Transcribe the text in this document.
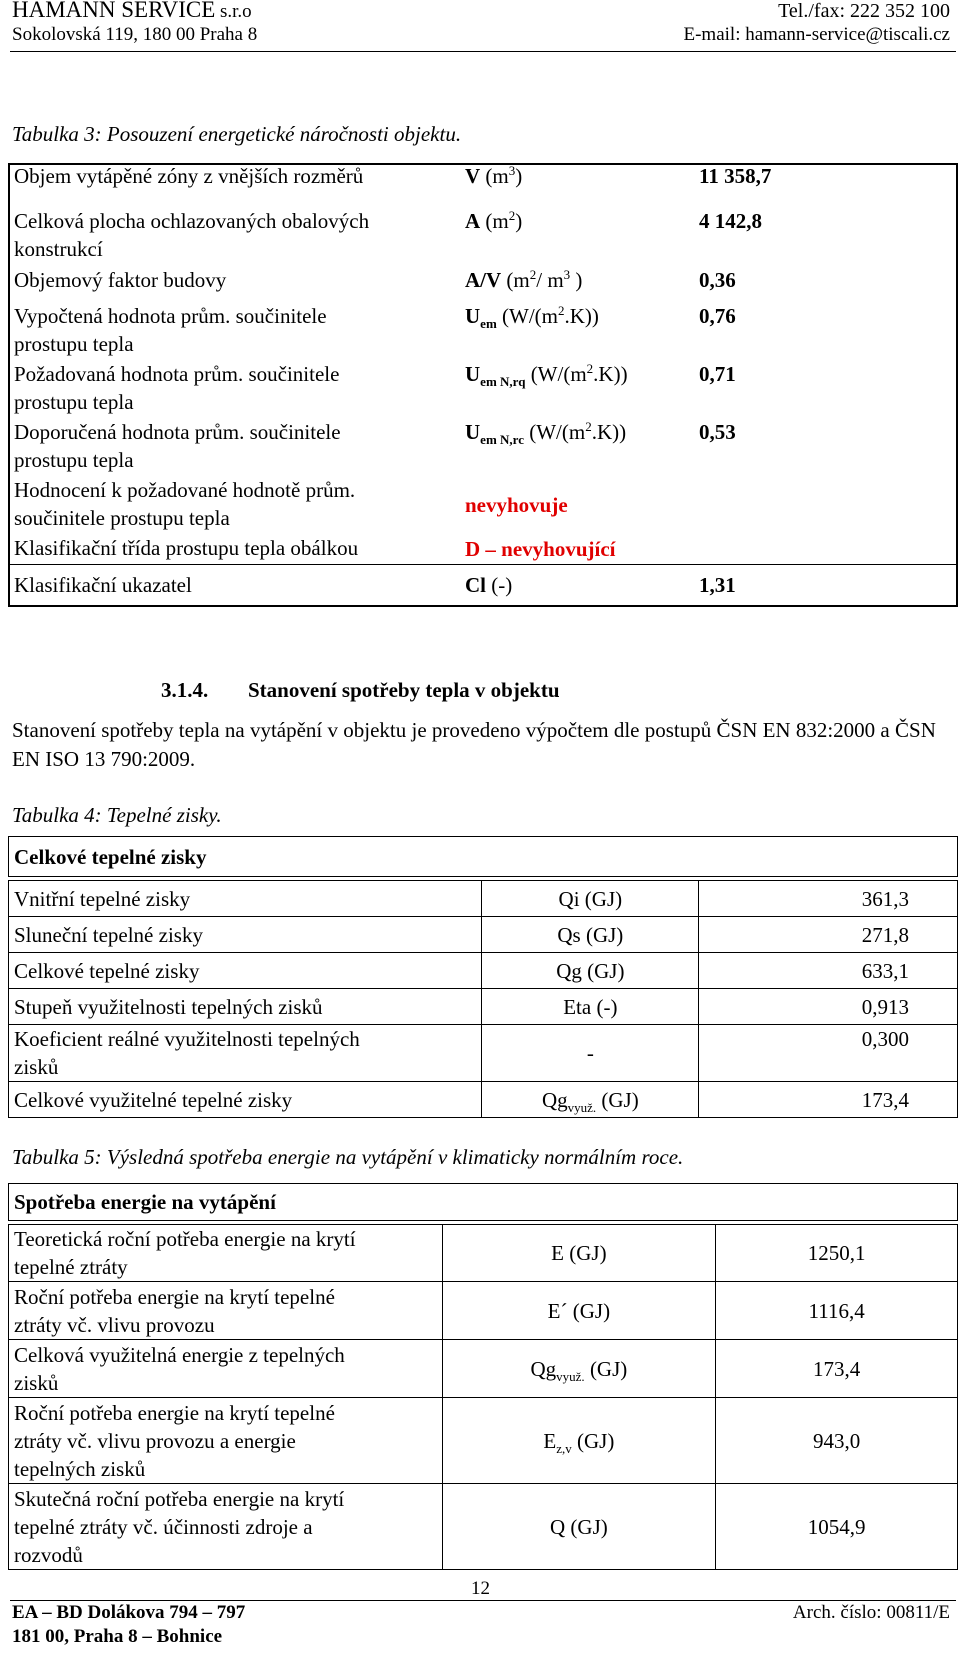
HAMANN SERVICE s.r.o
Sokolovská 119, 180 00 Praha 8
Tel./fax: 222 352 100
E-mail: hamann-service@tiscali.cz
Tabulka 3: Posouzení energetické náročnosti objektu.
Objem vytápěné zóny z vnějších rozměrů	V $(m^3)$	11 358,7
Celková plocha ochlazovaných obalových
konstrukcí
A $(m^2)$	4 142,8
Objemový faktor budovy	A/V ($m^2/$ $m^3$ )	0,36
Vypočtená hodnota prům. součinitele
prostupu tepla
$U_{em}$ $(W/(m^2.K))$	0,76
Požadovaná hodnota prům. součinitele
prostupu tepla
$U_{em N,rq}$ $(W/(m^2.K))$	0,71
Doporučená hodnota prům. součinitele
prostupu tepla
$U_{em N,rc}$ $(W/(m^2.K))$	0,53
Hodnocení k požadované hodnotě prům.
součinitele prostupu tepla
nevyhovuje
Klasifikační třída prostupu tepla obálkou	D – nevyhovující
Klasifikační ukazatel	Cl (-)	1,31
3.1.4. Stanovení spotřeby tepla v objektu
Stanovení spotřeby tepla na vytápění v objektu je provedeno výpočtem dle postupů ČSN EN 832:2000 a ČSN EN ISO 13 790:2009.
Tabulka 4: Tepelné zisky.
Celkové tepelné zisky		

Vnitřní tepelné zisky	Qi (GJ)	361,3
Sluneční tepelné zisky	Qs (GJ)	271,8
Celkové tepelné zisky	Qg (GJ)	633,1
Stupeň využitelnosti tepelných zisků	Eta (-)	0,913

Koeficient reálné využitelnosti tepelných
zisků	-	0,300
Celkové využitelné tepelné zisky	$Qg_{využ.}$ (GJ)	173,4
Tabulka 5: Výsledná spotřeba energie na vytápění v klimaticky normálním roce.
Spotřeba energie na vytápění		

Teoretická roční potřeba energie na krytí
tepelné ztráty	E (GJ)	1250,1

Roční potřeba energie na krytí tepelné
ztráty vč. vlivu provozu	E´ (GJ)	1116,4

Celková využitelná energie z tepelných
zisků	$Qg_{využ.}$ (GJ)	173,4

Roční potřeba energie na krytí tepelné
ztráty vč. vlivu provozu a energie
tepelných zisků	$E_{z,v}$ (GJ)	943,0

Skutečná roční potřeba energie na krytí
tepelné ztráty vč. účinnosti zdroje a
rozvodů	Q (GJ)	1054,9
12
EA – BD Dolákova 794 – 797
181 00, Praha 8 – Bohnice
Arch. číslo: 00811/E
